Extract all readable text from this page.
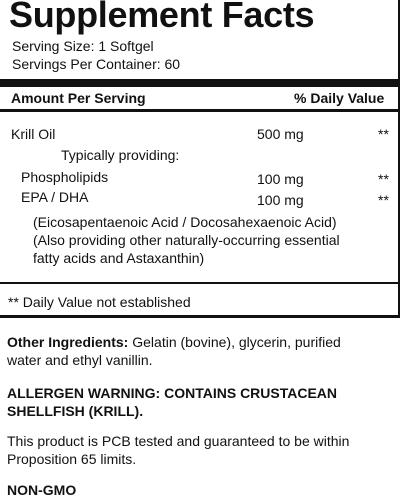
Supplement Facts
Serving Size: 1 Softgel
Servings Per Container: 60
Amount Per Serving	% Daily Value
Krill Oil	500 mg	**
Typically providing:
Phospholipids	100 mg	**
EPA / DHA	100 mg	**
(Eicosapentaenoic Acid / Docosahexaenoic Acid)
(Also providing other naturally-occurring essential
fatty acids and Astaxanthin)
** Daily Value not established
Other Ingredients: Gelatin (bovine), glycerin, purified
water and ethyl vanillin.
ALLERGEN WARNING: CONTAINS CRUSTACEAN
SHELLFISH (KRILL).
This product is PCB tested and guaranteed to be within
Proposition 65 limits.
NON-GMO
